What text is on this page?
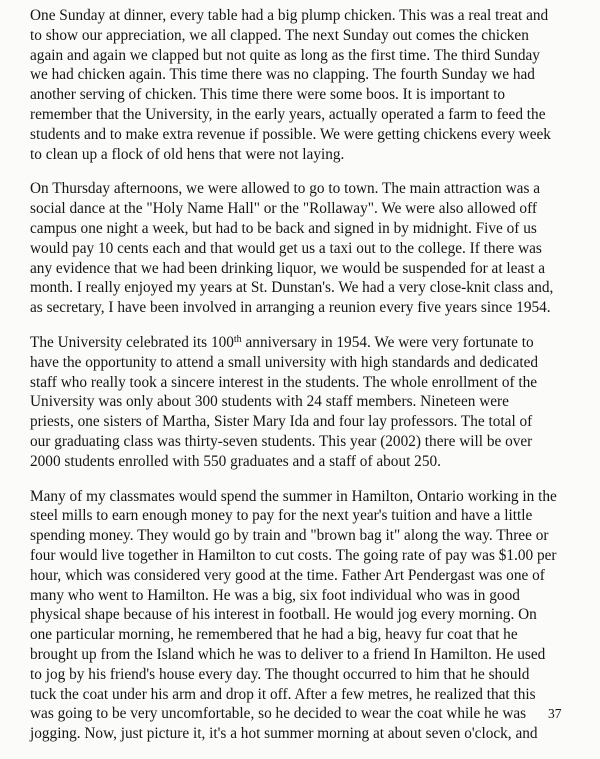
One Sunday at dinner, every table had a big plump chicken. This was a real treat and
to show our appreciation, we all clapped. The next Sunday out comes the chicken
again and again we clapped but not quite as long as the first time. The third Sunday
we had chicken again. This time there was no clapping. The fourth Sunday we had
another serving of chicken. This time there were some boos. It is important to
remember that the University, in the early years, actually operated a farm to feed the
students and to make extra revenue if possible. We were getting chickens every week
to clean up a flock of old hens that were not laying.
On Thursday afternoons, we were allowed to go to town. The main attraction was a
social dance at the "Holy Name Hall" or the "Rollaway". We were also allowed off
campus one night a week, but had to be back and signed in by midnight. Five of us
would pay 10 cents each and that would get us a taxi out to the college. If there was
any evidence that we had been drinking liquor, we would be suspended for at least a
month. I really enjoyed my years at St. Dunstan's. We had a very close-knit class and,
as secretary, I have been involved in arranging a reunion every five years since 1954.
The University celebrated its 100th anniversary in 1954. We were very fortunate to
have the opportunity to attend a small university with high standards and dedicated
staff who really took a sincere interest in the students. The whole enrollment of the
University was only about 300 students with 24 staff members. Nineteen were
priests, one sisters of Martha, Sister Mary Ida and four lay professors. The total of
our graduating class was thirty-seven students. This year (2002) there will be over
2000 students enrolled with 550 graduates and a staff of about 250.
Many of my classmates would spend the summer in Hamilton, Ontario working in the
steel mills to earn enough money to pay for the next year's tuition and have a little
spending money. They would go by train and "brown bag it" along the way. Three or
four would live together in Hamilton to cut costs. The going rate of pay was $1.00 per
hour, which was considered very good at the time. Father Art Pendergast was one of
many who went to Hamilton. He was a big, six foot individual who was in good
physical shape because of his interest in football. He would jog every morning. On
one particular morning, he remembered that he had a big, heavy fur coat that he
brought up from the Island which he was to deliver to a friend In Hamilton. He used
to jog by his friend's house every day. The thought occurred to him that he should
tuck the coat under his arm and drop it off. After a few metres, he realized that this
was going to be very uncomfortable, so he decided to wear the coat while he was
jogging. Now, just picture it, it's a hot summer morning at about seven o'clock, and
37
